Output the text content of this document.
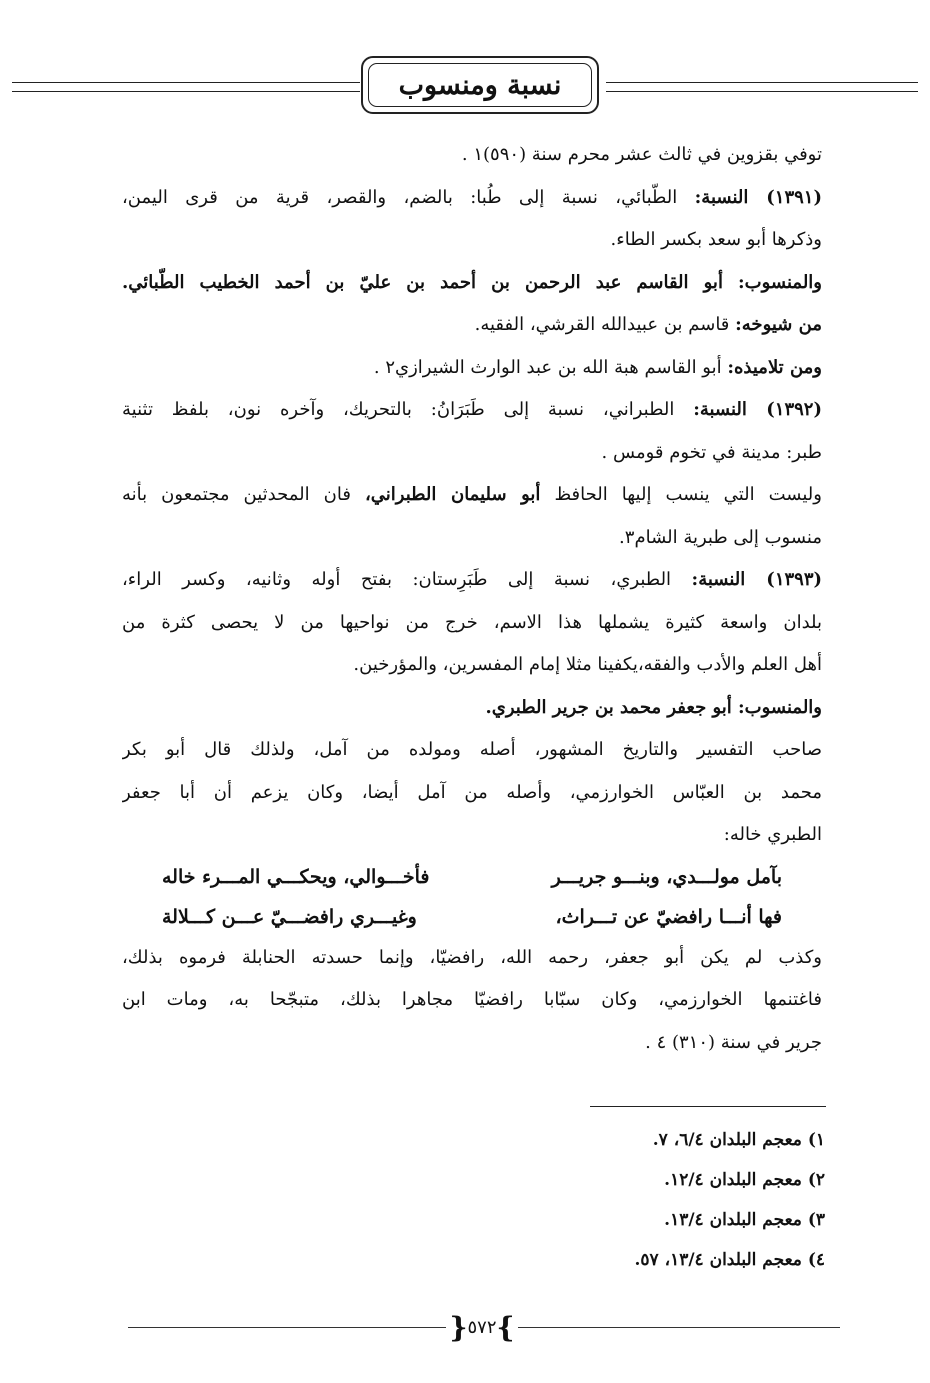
نسبة ومنسوب
توفي بقزوين في ثالث عشر محرم سنة (٥٩٠)١ .
(١٣٩١) النسبة: الطّبائي، نسبة إلى طُبا: بالضم، والقصر، قرية من قرى اليمن،
وذكرها أبو سعد بكسر الطاء.
والمنسوب: أبو القاسم عبد الرحمن بن أحمد بن عليّ بن أحمد الخطيب الطّبائي.
من شيوخه: قاسم بن عبيدالله القرشي، الفقيه.
ومن تلاميذه: أبو القاسم هبة الله بن عبد الوارث الشيرازي٢ .
(١٣٩٢) النسبة: الطبراني، نسبة إلى طَبَرَانُ: بالتحريك، وآخره نون، بلفظ تثنية
طبر: مدينة في تخوم قومس .
وليست التي ينسب إليها الحافظ أبو سليمان الطبراني، فان المحدثين مجتمعون بأنه
منسوب إلى طبرية الشام٣.
(١٣٩٣) النسبة: الطبري، نسبة إلى طَبَرِستان: بفتح أوله وثانيه، وكسر الراء،
بلدان واسعة كثيرة يشملها هذا الاسم، خرج من نواحيها من لا يحصى كثرة من
أهل العلم والأدب والفقه،يكفينا مثلا إمام المفسرين، والمؤرخين.
والمنسوب: أبو جعفر محمد بن جرير الطبري.
صاحب التفسير والتاريخ المشهور، أصله ومولده من آمل، ولذلك قال أبو بكر
محمد بن العبّاس الخوارزمي، وأصله من آمل أيضا، وكان يزعم أن أبا جعفر
الطبري خاله:
بآمل مولـــدي، وبنـــو جريـــر
فأخـــوالي، ويحكـــي المـــرء خاله
فها أنـــا رافضيّ عن تـــراث،
وغيـــري رافضـــيّ عـــن كـــلالة
وكذب لم يكن أبو جعفر، رحمه الله، رافضيّا، وإنما حسدته الحنابلة فرموه بذلك،
فاغتنمها الخوارزمي، وكان سبّابا رافضيّا مجاهرا بذلك، متبجّحا به، ومات ابن
جرير في سنة (٣١٠) ٤ .
١) معجم البلدان ٦/٤، ٧.
٢) معجم البلدان ١٢/٤.
٣) معجم البلدان ١٣/٤.
٤) معجم البلدان ١٣/٤، ٥٧.
}
٥٧٢
{
